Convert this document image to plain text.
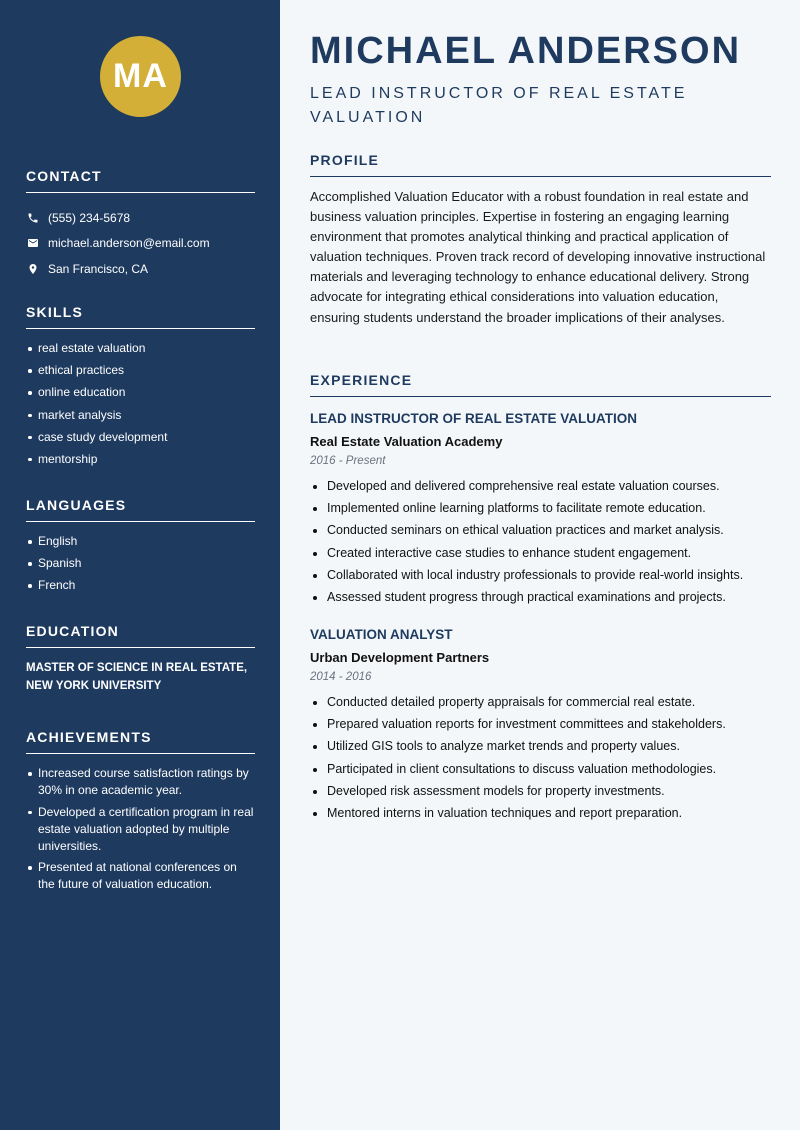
MA
CONTACT
(555) 234-5678
michael.anderson@email.com
San Francisco, CA
SKILLS
real estate valuation
ethical practices
online education
market analysis
case study development
mentorship
LANGUAGES
English
Spanish
French
EDUCATION
MASTER OF SCIENCE IN REAL ESTATE, NEW YORK UNIVERSITY
ACHIEVEMENTS
Increased course satisfaction ratings by 30% in one academic year.
Developed a certification program in real estate valuation adopted by multiple universities.
Presented at national conferences on the future of valuation education.
MICHAEL ANDERSON
LEAD INSTRUCTOR OF REAL ESTATE VALUATION
PROFILE

Accomplished Valuation Educator with a robust foundation in real estate and business valuation principles. Expertise in fostering an engaging learning environment that promotes analytical thinking and practical application of valuation techniques. Proven track record of developing innovative instructional materials and leveraging technology to enhance educational delivery. Strong advocate for integrating ethical considerations into valuation education, ensuring students understand the broader implications of their analyses.

EXPERIENCE
LEAD INSTRUCTOR OF REAL ESTATE VALUATION
Real Estate Valuation Academy
2016 - Present
Developed and delivered comprehensive real estate valuation courses.
Implemented online learning platforms to facilitate remote education.
Conducted seminars on ethical valuation practices and market analysis.
Created interactive case studies to enhance student engagement.
Collaborated with local industry professionals to provide real-world insights.
Assessed student progress through practical examinations and projects.
VALUATION ANALYST
Urban Development Partners
2014 - 2016
Conducted detailed property appraisals for commercial real estate.
Prepared valuation reports for investment committees and stakeholders.
Utilized GIS tools to analyze market trends and property values.
Participated in client consultations to discuss valuation methodologies.
Developed risk assessment models for property investments.
Mentored interns in valuation techniques and report preparation.
